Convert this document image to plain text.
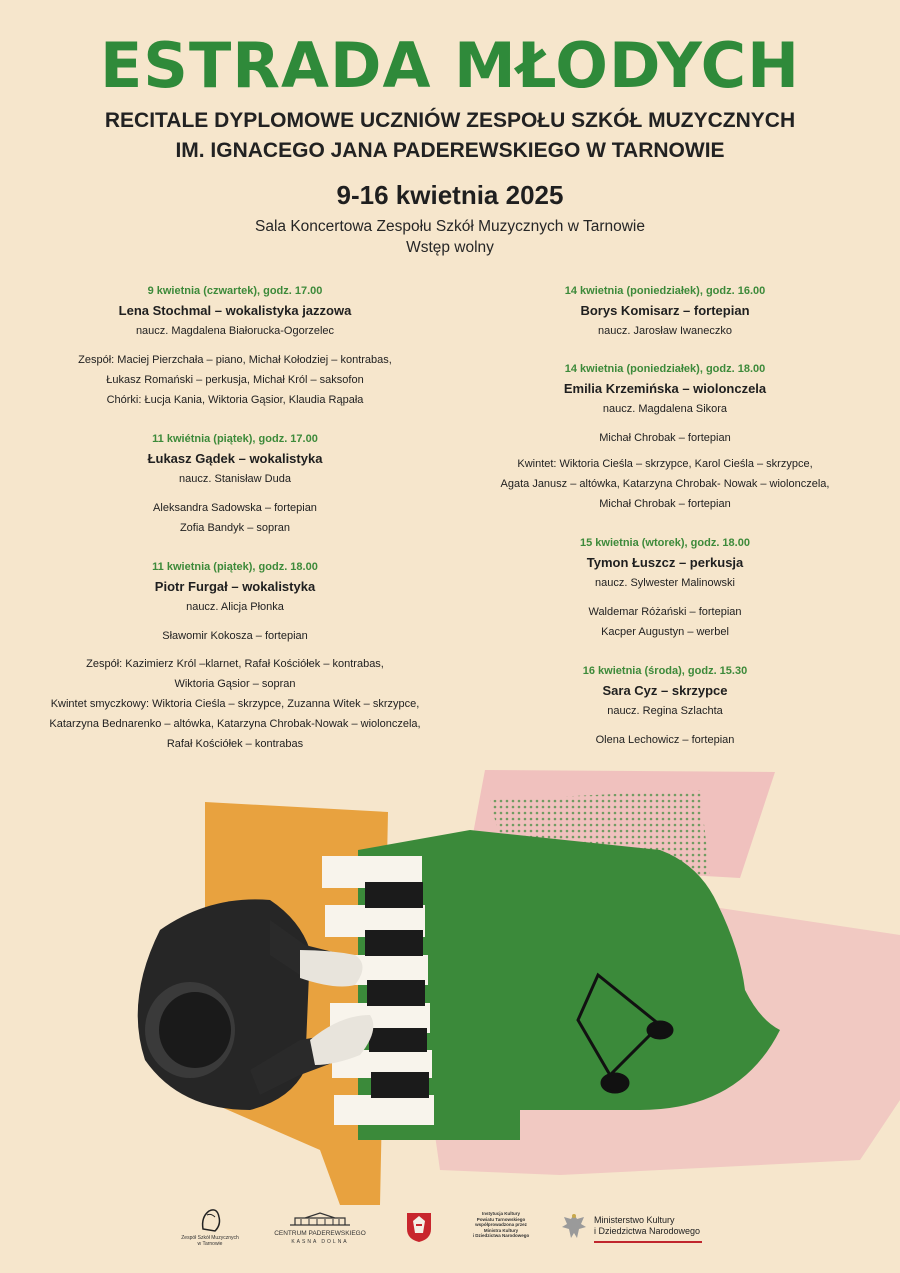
ESTRADA MŁODYCH
RECITALE DYPLOMOWE UCZNIÓW ZESPOŁU SZKÓŁ MUZYCZNYCH
IM. IGNACEGO JANA PADEREWSKIEGO W TARNOWIE
9-16 kwietnia 2025
Sala Koncertowa Zespołu Szkół Muzycznych w Tarnowie
Wstęp wolny
9 kwietnia (czwartek), godz. 17.00
Lena Stochmal – wokalistyka jazzowa
naucz. Magdalena Białorucka-Ogorzelec
Zespół: Maciej Pierzchała – piano, Michał Kołodziej – kontrabas,
Łukasz Romański – perkusja, Michał Król – saksofon
Chórki: Łucja Kania, Wiktoria Gąsior, Klaudia Rąpała
11 kwiétnia (piątek), godz. 17.00
Łukasz Gądek – wokalistyka
naucz. Stanisław Duda
Aleksandra Sadowska – fortepian
Zofia Bandyk – sopran
11 kwietnia (piątek), godz. 18.00
Piotr Furgał – wokalistyka
naucz. Alicja Płonka
Sławomir Kokosza – fortepian
Zespół: Kazimierz Król –klarnet, Rafał Kościółek – kontrabas,
Wiktoria Gąsior – sopran
Kwintet smyczkowy: Wiktoria Cieśla – skrzypce, Zuzanna Witek – skrzypce,
Katarzyna Bednarenko – altówka, Katarzyna Chrobak-Nowak – wiolonczela,
Rafał Kościółek – kontrabas
14 kwietnia (poniedziałek), godz. 16.00
Borys Komisarz – fortepian
naucz. Jarosław Iwaneczko
14 kwietnia (poniedziałek), godz. 18.00
Emilia Krzemińska – wiolonczela
naucz. Magdalena Sikora
Michał Chrobak – fortepian
Kwintet: Wiktoria Cieśla – skrzypce, Karol Cieśla – skrzypce,
Agata Janusz – altówka, Katarzyna Chrobak- Nowak – wiolonczela,
Michał Chrobak – fortepian
15 kwietnia (wtorek), godz. 18.00
Tymon Łuszcz – perkusja
naucz. Sylwester Malinowski
Waldemar Różański – fortepian
Kacper Augustyn – werbel
16 kwietnia (środa), godz. 15.30
Sara Cyz – skrzypce
naucz. Regina Szlachta
Olena Lechowicz – fortepian
Zespół Szkół Muzycznych
w Tarnowie
CENTRUM PADEREWSKIEGO
KASNA DOLNA
Instytucja Kultury
Powiatu Tarnowskiego
współprowadzona przez
Ministra Kultury
i Dziedzictwa Narodowego
Ministerstwo Kultury
i Dziedzictwa Narodowego
